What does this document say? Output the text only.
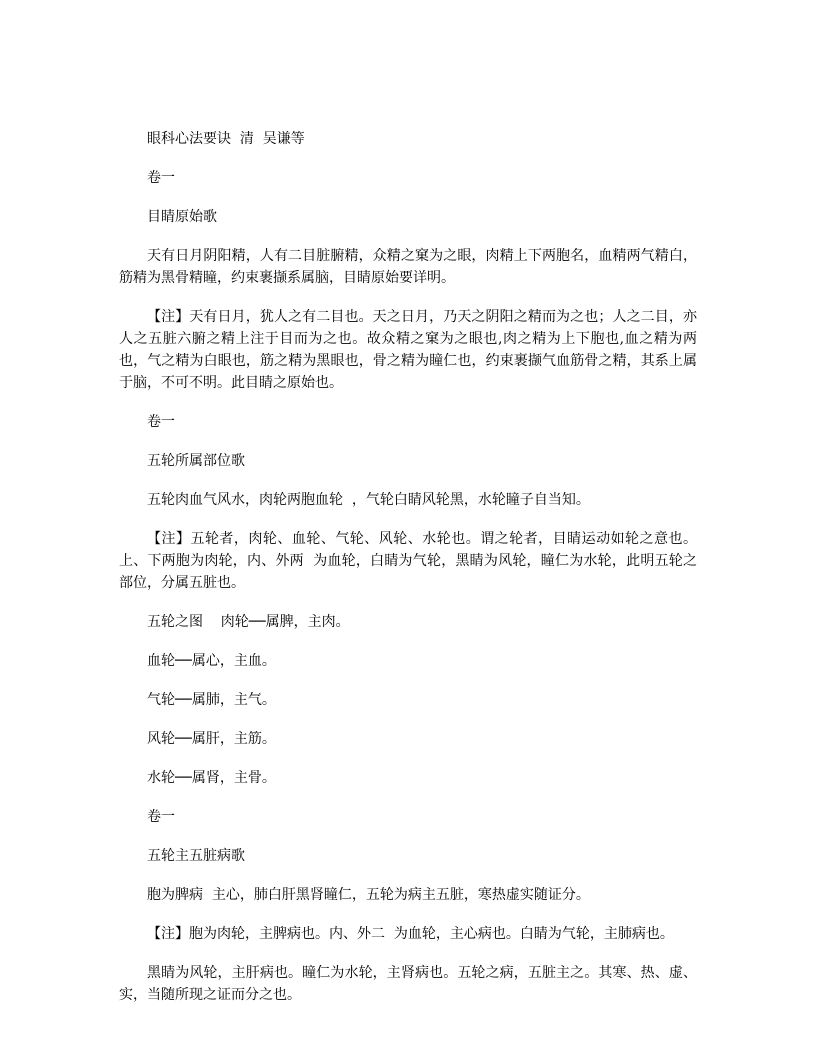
眼科心法要诀  清  吴谦等

卷一

目睛原始歌

天有日月阴阳精，人有二目脏腑精，众精之窠为之眼，肉精上下两胞名，血精两气精白，筋精为黑骨精瞳，约束裹撷系属脑，目睛原始要详明。

【注】天有日月，犹人之有二目也。天之日月，乃天之阴阳之精而为之也；人之二目，亦人之五脏六腑之精上注于目而为之也。故众精之窠为之眼也,肉之精为上下胞也,血之精为两  也，气之精为白眼也，筋之精为黑眼也，骨之精为瞳仁也，约束裹撷气血筋骨之精，其系上属于脑，不可不明。此目睛之原始也。

卷一

五轮所属部位歌

五轮肉血气风水，肉轮两胞血轮  ，气轮白睛风轮黑，水轮瞳子自当知。

【注】五轮者，肉轮、血轮、气轮、风轮、水轮也。谓之轮者，目睛运动如轮之意也。上、下两胞为肉轮，内、外两  为血轮，白睛为气轮，黑睛为风轮，瞳仁为水轮，此明五轮之部位，分属五脏也。

五轮之图    肉轮──属脾，主肉。

血轮──属心，主血。

气轮──属肺，主气。

风轮──属肝，主筋。

水轮──属肾，主骨。

卷一

五轮主五脏病歌

胞为脾病  主心，肺白肝黑肾瞳仁，五轮为病主五脏，寒热虚实随证分。

【注】胞为肉轮，主脾病也。内、外二  为血轮，主心病也。白睛为气轮，主肺病也。

黑睛为风轮，主肝病也。瞳仁为水轮，主肾病也。五轮之病，五脏主之。其寒、热、虚、实，当随所现之证而分之也。
